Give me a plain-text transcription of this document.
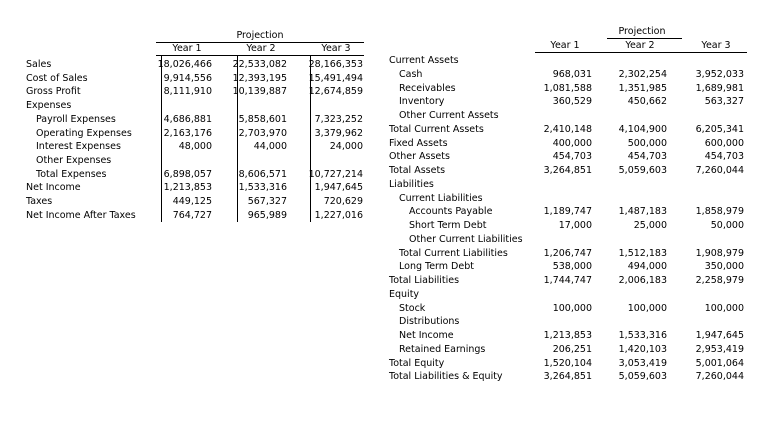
Projection
Year 1	Year 2	Year 3
Sales	18,026,466 22,533,082 28,166,353
Cost of Sales	9,914,556 12,393,195 15,491,494
Gross Profit	8,111,910 10,139,887 12,674,859
Expenses
Payroll Expenses	4,686,881	5,858,601	7,323,252
Operating Expenses	2,163,176	2,703,970	3,379,962
Interest Expenses	48,000	44,000	24,000
Other Expenses
Total Expenses	6,898,057	8,606,571 10,727,214
Net Income	1,213,853	1,533,316	1,947,645
Taxes	449,125	567,327	720,629
Net Income After Taxes	764,727	965,989	1,227,016
Projection
Year 1	Year 2	Year 3
Current Assets
Cash	968,031	2,302,254	3,952,033
Receivables	1,081,588	1,351,985	1,689,981
Inventory	360,529	450,662	563,327
Other Current Assets
Total Current Assets	2,410,148	4,104,900	6,205,341
Fixed Assets	400,000	500,000	600,000
Other Assets	454,703	454,703	454,703
Total Assets	3,264,851	5,059,603	7,260,044
Liabilities
Current Liabilities
Accounts Payable	1,189,747	1,487,183	1,858,979
Short Term Debt	17,000	25,000	50,000
Other Current Liabilities
Total Current Liabilities	1,206,747	1,512,183	1,908,979
Long Term Debt	538,000	494,000	350,000
Total Liabilities	1,744,747	2,006,183	2,258,979
Equity
Stock	100,000	100,000	100,000
Distributions
Net Income	1,213,853	1,533,316	1,947,645
Retained Earnings	206,251	1,420,103	2,953,419
Total Equity	1,520,104	3,053,419	5,001,064
Total Liabilities & Equity	3,264,851	5,059,603	7,260,044
